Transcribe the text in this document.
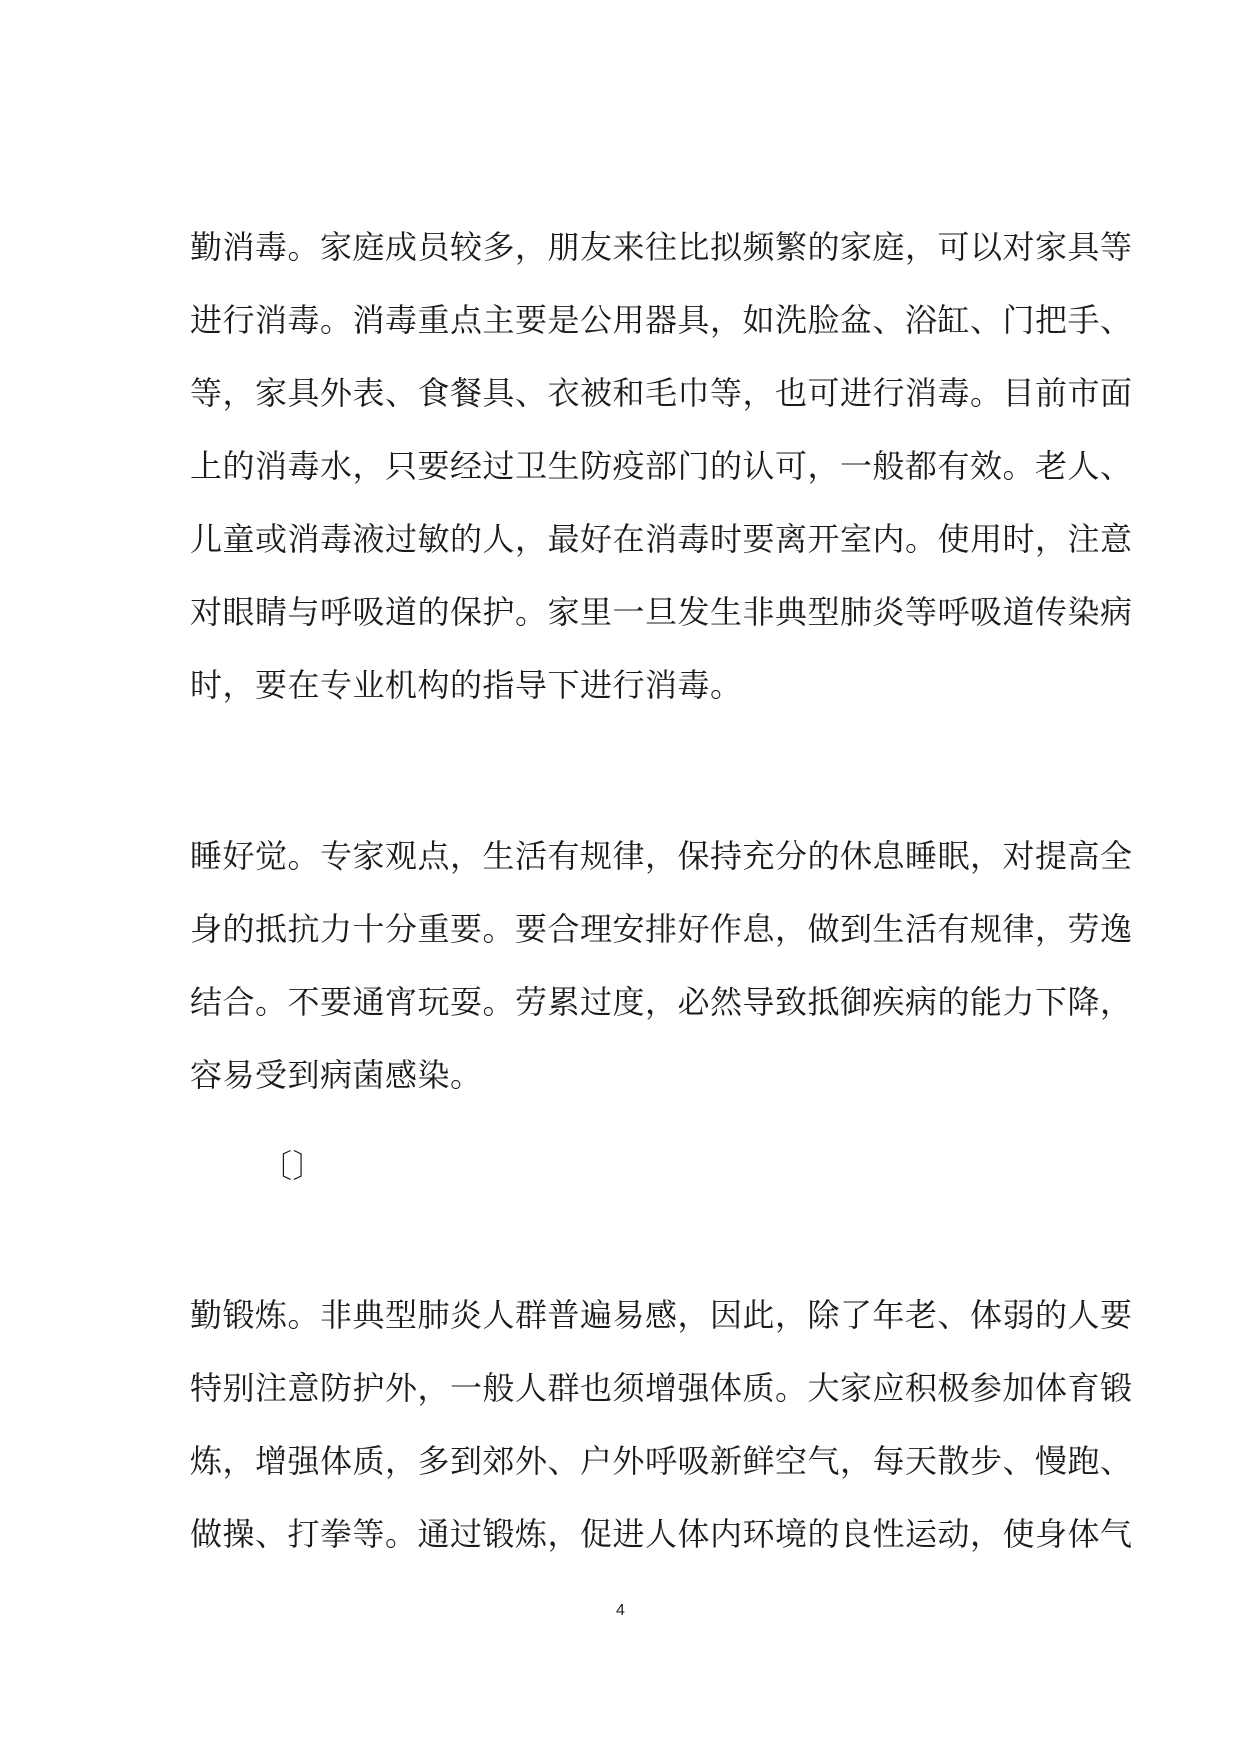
勤消毒。家庭成员较多，朋友来往比拟频繁的家庭，可以对家具等
进行消毒。消毒重点主要是公用器具，如洗脸盆、浴缸、门把手、
等，家具外表、食餐具、衣被和毛巾等，也可进行消毒。目前市面
上的消毒水，只要经过卫生防疫部门的认可，一般都有效。老人、
儿童或消毒液过敏的人，最好在消毒时要离开室内。使用时，注意
对眼睛与呼吸道的保护。家里一旦发生非典型肺炎等呼吸道传染病
时，要在专业机构的指导下进行消毒。
睡好觉。专家观点，生活有规律，保持充分的休息睡眠，对提高全
身的抵抗力十分重要。要合理安排好作息，做到生活有规律，劳逸
结合。不要通宵玩耍。劳累过度，必然导致抵御疾病的能力下降，
容易受到病菌感染。
〔〕
勤锻炼。非典型肺炎人群普遍易感，因此，除了年老、体弱的人要
特别注意防护外，一般人群也须增强体质。大家应积极参加体育锻
炼，增强体质，多到郊外、户外呼吸新鲜空气，每天散步、慢跑、
做操、打拳等。通过锻炼，促进人体内环境的良性运动，使身体气
4
